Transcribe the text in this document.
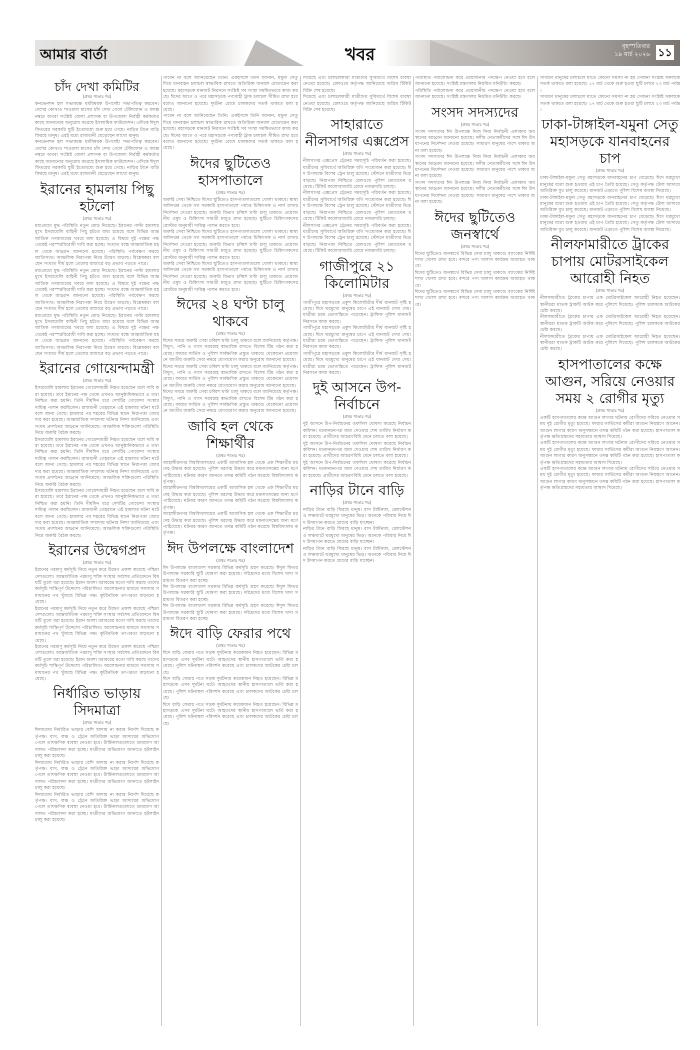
আমার বার্তা	খবর	বৃহস্পতিবার
১৯ মার্চ ২০২৬ ১১
চাঁদ দেখা কমিটির
(প্রথম পাতার পর)
কনভেনশন হল সভাকক্ষে ধর্মবিষয়ক উপদেষ্টা সভাপতিত্ব করবেন। দেশের কোথাও শাওয়াল মাসের চাঁদ দেখা গেলে টেলিফোন ও ফ্যাক্স নম্বরে অথবা সংশ্লিষ্ট জেলা প্রশাসক বা উপজেলা নির্বাহী কর্মকর্তার কাছে জানানোর অনুরোধ করেছে ইসলামিক ফাউন্ডেশন। এদিকে ঈদুল ফিতরের সরকারি ছুটি ইতোমধ্যে শুরু হয়ে গেছে। নাড়ির টানে বাড়ি ফিরছে মানুষ। এরই মধ্যে রাজধানী ছেড়েছেন লাখো মানুষ।
কনভেনশন হল সভাকক্ষে ধর্মবিষয়ক উপদেষ্টা সভাপতিত্ব করবেন। দেশের কোথাও শাওয়াল মাসের চাঁদ দেখা গেলে টেলিফোন ও ফ্যাক্স নম্বরে অথবা সংশ্লিষ্ট জেলা প্রশাসক বা উপজেলা নির্বাহী কর্মকর্তার কাছে জানানোর অনুরোধ করেছে ইসলামিক ফাউন্ডেশন। এদিকে ঈদুল ফিতরের সরকারি ছুটি ইতোমধ্যে শুরু হয়ে গেছে। নাড়ির টানে বাড়ি ফিরছে মানুষ। এরই মধ্যে রাজধানী ছেড়েছেন লাখো মানুষ।
ইরানের হামলায় পিছু হটলো
(প্রথম পাতার পর)
মধ্যপ্রাচ্যে যুদ্ধ পরিস্থিতি নতুন মোড় নিয়েছে। ইরানের পাল্টা হামলার মুখে ইসরায়েলি বাহিনী পিছু হটতে বাধ্য হয়েছে বলে বিভিন্ন আন্তর্জাতিক গণমাধ্যমের খবরে বলা হয়েছে। এ বিষয়ে দুই পক্ষের পক্ষ থেকেই পরস্পরবিরোধী দাবি করা হচ্ছে। সংঘাত বন্ধে আন্তর্জাতিক মহল থেকে আহ্বান জানানো হয়েছে। পরিস্থিতি পর্যবেক্ষণ করছে জাতিসংঘ। আঞ্চলিক নিরাপত্তা নিয়ে উদ্বেগ বাড়ছে। বিশ্লেষকরা বলছেন সংঘাত দীর্ঘ হলে তেলের বাজারে বড় প্রভাব পড়তে পারে।
মধ্যপ্রাচ্যে যুদ্ধ পরিস্থিতি নতুন মোড় নিয়েছে। ইরানের পাল্টা হামলার মুখে ইসরায়েলি বাহিনী পিছু হটতে বাধ্য হয়েছে বলে বিভিন্ন আন্তর্জাতিক গণমাধ্যমের খবরে বলা হয়েছে। এ বিষয়ে দুই পক্ষের পক্ষ থেকেই পরস্পরবিরোধী দাবি করা হচ্ছে। সংঘাত বন্ধে আন্তর্জাতিক মহল থেকে আহ্বান জানানো হয়েছে। পরিস্থিতি পর্যবেক্ষণ করছে জাতিসংঘ। আঞ্চলিক নিরাপত্তা নিয়ে উদ্বেগ বাড়ছে। বিশ্লেষকরা বলছেন সংঘাত দীর্ঘ হলে তেলের বাজারে বড় প্রভাব পড়তে পারে।
মধ্যপ্রাচ্যে যুদ্ধ পরিস্থিতি নতুন মোড় নিয়েছে। ইরানের পাল্টা হামলার মুখে ইসরায়েলি বাহিনী পিছু হটতে বাধ্য হয়েছে বলে বিভিন্ন আন্তর্জাতিক গণমাধ্যমের খবরে বলা হয়েছে। এ বিষয়ে দুই পক্ষের পক্ষ থেকেই পরস্পরবিরোধী দাবি করা হচ্ছে। সংঘাত বন্ধে আন্তর্জাতিক মহল থেকে আহ্বান জানানো হয়েছে। পরিস্থিতি পর্যবেক্ষণ করছে জাতিসংঘ। আঞ্চলিক নিরাপত্তা নিয়ে উদ্বেগ বাড়ছে। বিশ্লেষকরা বলছেন সংঘাত দীর্ঘ হলে তেলের বাজারে বড় প্রভাব পড়তে পারে।
ইরানের গোয়েন্দামন্ত্রী
(প্রথম পাতার পর)
ইসরায়েলি হামলায় ইরানের গোয়েন্দামন্ত্রী নিহত হয়েছেন বলে দাবি করা হয়েছে। তবে ইরানের পক্ষ থেকে এখনও আনুষ্ঠানিকভাবে এ তথ্য নিশ্চিত করা হয়নি। তিনি দীর্ঘদিন ধরে দেশটির গোয়েন্দা সংস্থার দায়িত্ব পালন করছিলেন। রাজধানী তেহরানে এই হামলার ঘটনা ঘটে বলে জানা গেছে। হামলার পর শহরের বিভিন্ন স্থানে নিরাপত্তা জোরদার করা হয়েছে। আন্তর্জাতিক সম্প্রদায় ঘটনার নিন্দা জানিয়েছে এবং সংযম প্রদর্শনের আহ্বান জানিয়েছে। আঞ্চলিক শক্তিগুলো পরিস্থিতি নিয়ে জরুরি বৈঠক করছে।
ইসরায়েলি হামলায় ইরানের গোয়েন্দামন্ত্রী নিহত হয়েছেন বলে দাবি করা হয়েছে। তবে ইরানের পক্ষ থেকে এখনও আনুষ্ঠানিকভাবে এ তথ্য নিশ্চিত করা হয়নি। তিনি দীর্ঘদিন ধরে দেশটির গোয়েন্দা সংস্থার দায়িত্ব পালন করছিলেন। রাজধানী তেহরানে এই হামলার ঘটনা ঘটে বলে জানা গেছে। হামলার পর শহরের বিভিন্ন স্থানে নিরাপত্তা জোরদার করা হয়েছে। আন্তর্জাতিক সম্প্রদায় ঘটনার নিন্দা জানিয়েছে এবং সংযম প্রদর্শনের আহ্বান জানিয়েছে। আঞ্চলিক শক্তিগুলো পরিস্থিতি নিয়ে জরুরি বৈঠক করছে।
ইসরায়েলি হামলায় ইরানের গোয়েন্দামন্ত্রী নিহত হয়েছেন বলে দাবি করা হয়েছে। তবে ইরানের পক্ষ থেকে এখনও আনুষ্ঠানিকভাবে এ তথ্য নিশ্চিত করা হয়নি। তিনি দীর্ঘদিন ধরে দেশটির গোয়েন্দা সংস্থার দায়িত্ব পালন করছিলেন। রাজধানী তেহরানে এই হামলার ঘটনা ঘটে বলে জানা গেছে। হামলার পর শহরের বিভিন্ন স্থানে নিরাপত্তা জোরদার করা হয়েছে। আন্তর্জাতিক সম্প্রদায় ঘটনার নিন্দা জানিয়েছে এবং সংযম প্রদর্শনের আহ্বান জানিয়েছে। আঞ্চলিক শক্তিগুলো পরিস্থিতি নিয়ে জরুরি বৈঠক করছে।
ইরানের উদ্বেগপ্রদ
(প্রথম পাতার পর)
ইরানের পরমাণু কর্মসূচি নিয়ে নতুন করে উদ্বেগ প্রকাশ করেছে পশ্চিমা দেশগুলো। আন্তর্জাতিক পরমাণু শক্তি সংস্থার সর্বশেষ প্রতিবেদনে বিষয়টি তুলে ধরা হয়েছে। ইরান অবশ্য বরাবরের মতো দাবি করছে তাদের কর্মসূচি শান্তিপূর্ণ উদ্দেশ্যে পরিচালিত। আলোচনার মাধ্যমে সমস্যার সমাধানের পথ খুঁজছে বিভিন্ন পক্ষ। কূটনৈতিক তৎপরতা বাড়ানো হয়েছে।
ইরানের পরমাণু কর্মসূচি নিয়ে নতুন করে উদ্বেগ প্রকাশ করেছে পশ্চিমা দেশগুলো। আন্তর্জাতিক পরমাণু শক্তি সংস্থার সর্বশেষ প্রতিবেদনে বিষয়টি তুলে ধরা হয়েছে। ইরান অবশ্য বরাবরের মতো দাবি করছে তাদের কর্মসূচি শান্তিপূর্ণ উদ্দেশ্যে পরিচালিত। আলোচনার মাধ্যমে সমস্যার সমাধানের পথ খুঁজছে বিভিন্ন পক্ষ। কূটনৈতিক তৎপরতা বাড়ানো হয়েছে।
ইরানের পরমাণু কর্মসূচি নিয়ে নতুন করে উদ্বেগ প্রকাশ করেছে পশ্চিমা দেশগুলো। আন্তর্জাতিক পরমাণু শক্তি সংস্থার সর্বশেষ প্রতিবেদনে বিষয়টি তুলে ধরা হয়েছে। ইরান অবশ্য বরাবরের মতো দাবি করছে তাদের কর্মসূচি শান্তিপূর্ণ উদ্দেশ্যে পরিচালিত। আলোচনার মাধ্যমে সমস্যার সমাধানের পথ খুঁজছে বিভিন্ন পক্ষ। কূটনৈতিক তৎপরতা বাড়ানো হয়েছে।
নির্ধারিত ভাড়ায় সিদমাত্রা
(প্রথম পাতার পর)
ঈদযাত্রায় নির্ধারিত ভাড়ার বেশি আদায় না করার নির্দেশ দিয়েছে কর্তৃপক্ষ। বাস, লঞ্চ ও ট্রেনে অতিরিক্ত ভাড়া আদায়ের অভিযোগ পেলে তাৎক্ষণিক ব্যবস্থা নেওয়া হবে। টার্মিনালগুলোতে ভ্রাম্যমাণ আদালত পরিচালনা করা হচ্ছে। যাত্রীদের অভিযোগ জানাতে হটলাইন চালু করা হয়েছে।
ঈদযাত্রায় নির্ধারিত ভাড়ার বেশি আদায় না করার নির্দেশ দিয়েছে কর্তৃপক্ষ। বাস, লঞ্চ ও ট্রেনে অতিরিক্ত ভাড়া আদায়ের অভিযোগ পেলে তাৎক্ষণিক ব্যবস্থা নেওয়া হবে। টার্মিনালগুলোতে ভ্রাম্যমাণ আদালত পরিচালনা করা হচ্ছে। যাত্রীদের অভিযোগ জানাতে হটলাইন চালু করা হয়েছে।
ঈদযাত্রায় নির্ধারিত ভাড়ার বেশি আদায় না করার নির্দেশ দিয়েছে কর্তৃপক্ষ। বাস, লঞ্চ ও ট্রেনে অতিরিক্ত ভাড়া আদায়ের অভিযোগ পেলে তাৎক্ষণিক ব্যবস্থা নেওয়া হবে। টার্মিনালগুলোতে ভ্রাম্যমাণ আদালত পরিচালনা করা হচ্ছে। যাত্রীদের অভিযোগ জানাতে হটলাইন চালু করা হয়েছে।
পাবেন না বলে জানিয়েছেন তিনি। একইসঙ্গে তিনি জানান, যমুনা সেতু দিয়ে যানবাহন চলাচল স্বাভাবিক রাখতে অতিরিক্ত জনবল মোতায়েন করা হয়েছে। মহাসড়কে যানজট নিরসনে সংশ্লিষ্ট সব সংস্থা সমন্বিতভাবে কাজ করছে। ঈদের আগে ও পরে মহাসড়কে পণ্যবাহী ট্রাক চলাচল সীমিত রাখা হবে বলেও জানানো হয়েছে। দুর্ঘটনা রোধে চালকদের সতর্ক থাকতে বলা হয়েছে।
পাবেন না বলে জানিয়েছেন তিনি। একইসঙ্গে তিনি জানান, যমুনা সেতু দিয়ে যানবাহন চলাচল স্বাভাবিক রাখতে অতিরিক্ত জনবল মোতায়েন করা হয়েছে। মহাসড়কে যানজট নিরসনে সংশ্লিষ্ট সব সংস্থা সমন্বিতভাবে কাজ করছে। ঈদের আগে ও পরে মহাসড়কে পণ্যবাহী ট্রাক চলাচল সীমিত রাখা হবে বলেও জানানো হয়েছে। দুর্ঘটনা রোধে চালকদের সতর্ক থাকতে বলা হয়েছে।
ঈদের ছুটিতেও হাসপাতালে
(প্রথম পাতার পর)
জরুরি সেবা নিশ্চিতে ঈদের ছুটিতেও হাসপাতালগুলো খোলা থাকবে। স্বাস্থ্য অধিদপ্তর থেকে সব সরকারি হাসপাতালে পর্যাপ্ত চিকিৎসক ও নার্স রাখার নির্দেশনা দেওয়া হয়েছে। জরুরি বিভাগ চব্বিশ ঘণ্টা চালু থাকবে। প্রয়োজনীয় ওষুধ ও চিকিৎসা সামগ্রী মজুত রাখা হয়েছে। ছুটিতে চিকিৎসকদের রোস্টার অনুযায়ী দায়িত্ব পালন করতে হবে।
জরুরি সেবা নিশ্চিতে ঈদের ছুটিতেও হাসপাতালগুলো খোলা থাকবে। স্বাস্থ্য অধিদপ্তর থেকে সব সরকারি হাসপাতালে পর্যাপ্ত চিকিৎসক ও নার্স রাখার নির্দেশনা দেওয়া হয়েছে। জরুরি বিভাগ চব্বিশ ঘণ্টা চালু থাকবে। প্রয়োজনীয় ওষুধ ও চিকিৎসা সামগ্রী মজুত রাখা হয়েছে। ছুটিতে চিকিৎসকদের রোস্টার অনুযায়ী দায়িত্ব পালন করতে হবে।
জরুরি সেবা নিশ্চিতে ঈদের ছুটিতেও হাসপাতালগুলো খোলা থাকবে। স্বাস্থ্য অধিদপ্তর থেকে সব সরকারি হাসপাতালে পর্যাপ্ত চিকিৎসক ও নার্স রাখার নির্দেশনা দেওয়া হয়েছে। জরুরি বিভাগ চব্বিশ ঘণ্টা চালু থাকবে। প্রয়োজনীয় ওষুধ ও চিকিৎসা সামগ্রী মজুত রাখা হয়েছে। ছুটিতে চিকিৎসকদের রোস্টার অনুযায়ী দায়িত্ব পালন করতে হবে।
ঈদের ২৪ ঘণ্টা চালু থাকবে
(প্রথম পাতার পর)
ঈদের সময়ে জরুরি সেবা চব্বিশ ঘণ্টা চালু থাকবে বলে জানিয়েছে কর্তৃপক্ষ। বিদ্যুৎ, পানি ও গ্যাস সরবরাহ স্বাভাবিক রাখতে বিশেষ টিম গঠন করা হয়েছে। ফায়ার সার্ভিস ও পুলিশ সার্বক্ষণিক প্রস্তুত থাকবে। যেকোনো প্রয়োজনে জাতীয় জরুরি সেবা নম্বরে যোগাযোগ করার অনুরোধ জানানো হয়েছে।
ঈদের সময়ে জরুরি সেবা চব্বিশ ঘণ্টা চালু থাকবে বলে জানিয়েছে কর্তৃপক্ষ। বিদ্যুৎ, পানি ও গ্যাস সরবরাহ স্বাভাবিক রাখতে বিশেষ টিম গঠন করা হয়েছে। ফায়ার সার্ভিস ও পুলিশ সার্বক্ষণিক প্রস্তুত থাকবে। যেকোনো প্রয়োজনে জাতীয় জরুরি সেবা নম্বরে যোগাযোগ করার অনুরোধ জানানো হয়েছে।
ঈদের সময়ে জরুরি সেবা চব্বিশ ঘণ্টা চালু থাকবে বলে জানিয়েছে কর্তৃপক্ষ। বিদ্যুৎ, পানি ও গ্যাস সরবরাহ স্বাভাবিক রাখতে বিশেষ টিম গঠন করা হয়েছে। ফায়ার সার্ভিস ও পুলিশ সার্বক্ষণিক প্রস্তুত থাকবে। যেকোনো প্রয়োজনে জাতীয় জরুরি সেবা নম্বরে যোগাযোগ করার অনুরোধ জানানো হয়েছে।
জাবি হল থেকে শিক্ষার্থীর
(প্রথম পাতার পর)
জাহাঙ্গীরনগর বিশ্ববিদ্যালয়ের একটি আবাসিক হল থেকে এক শিক্ষার্থীর মরদেহ উদ্ধার করা হয়েছে। পুলিশ মরদেহ উদ্ধার করে ময়নাতদন্তের জন্য মর্গে পাঠিয়েছে। ঘটনার কারণ জানতে তদন্ত কমিটি গঠন করেছে বিশ্ববিদ্যালয় কর্তৃপক্ষ।
জাহাঙ্গীরনগর বিশ্ববিদ্যালয়ের একটি আবাসিক হল থেকে এক শিক্ষার্থীর মরদেহ উদ্ধার করা হয়েছে। পুলিশ মরদেহ উদ্ধার করে ময়নাতদন্তের জন্য মর্গে পাঠিয়েছে। ঘটনার কারণ জানতে তদন্ত কমিটি গঠন করেছে বিশ্ববিদ্যালয় কর্তৃপক্ষ।
জাহাঙ্গীরনগর বিশ্ববিদ্যালয়ের একটি আবাসিক হল থেকে এক শিক্ষার্থীর মরদেহ উদ্ধার করা হয়েছে। পুলিশ মরদেহ উদ্ধার করে ময়নাতদন্তের জন্য মর্গে পাঠিয়েছে। ঘটনার কারণ জানতে তদন্ত কমিটি গঠন করেছে বিশ্ববিদ্যালয় কর্তৃপক্ষ।
ঈদ উপলক্ষে বাংলাদেশ
(প্রথম পাতার পর)
ঈদ উপলক্ষে বাংলাদেশ সরকার বিভিন্ন কর্মসূচি গ্রহণ করেছে। ঈদুল ফিতর উপলক্ষে সরকারি ছুটি ঘোষণা করা হয়েছে। দরিদ্রদের মধ্যে বিশেষ খাদ্য সহায়তা বিতরণ করা হচ্ছে।
ঈদ উপলক্ষে বাংলাদেশ সরকার বিভিন্ন কর্মসূচি গ্রহণ করেছে। ঈদুল ফিতর উপলক্ষে সরকারি ছুটি ঘোষণা করা হয়েছে। দরিদ্রদের মধ্যে বিশেষ খাদ্য সহায়তা বিতরণ করা হচ্ছে।
ঈদ উপলক্ষে বাংলাদেশ সরকার বিভিন্ন কর্মসূচি গ্রহণ করেছে। ঈদুল ফিতর উপলক্ষে সরকারি ছুটি ঘোষণা করা হয়েছে। দরিদ্রদের মধ্যে বিশেষ খাদ্য সহায়তা বিতরণ করা হচ্ছে।
ঈদে বাড়ি ফেরার পথে
(প্রথম পাতার পর)
ঈদে বাড়ি ফেরার পথে সড়ক দুর্ঘটনায় কয়েকজন নিহত হয়েছেন। বিভিন্ন মহাসড়কে এসব দুর্ঘটনা ঘটে। আহতদের স্থানীয় হাসপাতালে ভর্তি করা হয়েছে। পুলিশ ঘটনাস্থল পরিদর্শন করেছে এবং চালকদের আটকের চেষ্টা চলছে।
ঈদে বাড়ি ফেরার পথে সড়ক দুর্ঘটনায় কয়েকজন নিহত হয়েছেন। বিভিন্ন মহাসড়কে এসব দুর্ঘটনা ঘটে। আহতদের স্থানীয় হাসপাতালে ভর্তি করা হয়েছে। পুলিশ ঘটনাস্থল পরিদর্শন করেছে এবং চালকদের আটকের চেষ্টা চলছে।
ঈদে বাড়ি ফেরার পথে সড়ক দুর্ঘটনায় কয়েকজন নিহত হয়েছেন। বিভিন্ন মহাসড়কে এসব দুর্ঘটনা ঘটে। আহতদের স্থানীয় হাসপাতালে ভর্তি করা হয়েছে। পুলিশ ঘটনাস্থল পরিদর্শন করেছে এবং চালকদের আটকের চেষ্টা চলছে।
দিয়েছে এবং চলাচলকারী যাত্রীদের সুবিধার্থে বিশেষ ব্যবস্থা নেওয়া হয়েছে। রেলওয়ে কর্তৃপক্ষ জানিয়েছে অগ্রিম টিকিট বিক্রি শেষ হয়েছে।
দিয়েছে এবং চলাচলকারী যাত্রীদের সুবিধার্থে বিশেষ ব্যবস্থা নেওয়া হয়েছে। রেলওয়ে কর্তৃপক্ষ জানিয়েছে অগ্রিম টিকিট বিক্রি শেষ হয়েছে।
সাহারাতে নীলসাগর এক্সপ্রেস
(প্রথম পাতার পর)
নীলসাগর এক্সপ্রেস ট্রেনের সময়সূচি পরিবর্তন করা হয়েছে। যাত্রীদের সুবিধার্থে অতিরিক্ত বগি সংযোজন করা হয়েছে। ঈদ উপলক্ষে বিশেষ ট্রেন চালু রয়েছে। স্টেশনে যাত্রীদের ভিড় বাড়ছে। নিরাপত্তা নিশ্চিতে রেলওয়ে পুলিশ মোতায়েন রয়েছে। টিকিট কালোবাজারি রোধে নজরদারি চলছে।
নীলসাগর এক্সপ্রেস ট্রেনের সময়সূচি পরিবর্তন করা হয়েছে। যাত্রীদের সুবিধার্থে অতিরিক্ত বগি সংযোজন করা হয়েছে। ঈদ উপলক্ষে বিশেষ ট্রেন চালু রয়েছে। স্টেশনে যাত্রীদের ভিড় বাড়ছে। নিরাপত্তা নিশ্চিতে রেলওয়ে পুলিশ মোতায়েন রয়েছে। টিকিট কালোবাজারি রোধে নজরদারি চলছে।
নীলসাগর এক্সপ্রেস ট্রেনের সময়সূচি পরিবর্তন করা হয়েছে। যাত্রীদের সুবিধার্থে অতিরিক্ত বগি সংযোজন করা হয়েছে। ঈদ উপলক্ষে বিশেষ ট্রেন চালু রয়েছে। স্টেশনে যাত্রীদের ভিড় বাড়ছে। নিরাপত্তা নিশ্চিতে রেলওয়ে পুলিশ মোতায়েন রয়েছে। টিকিট কালোবাজারি রোধে নজরদারি চলছে।
গাজীপুরে ২১ কিলোমিটার
(প্রথম পাতার পর)
গাজীপুরে মহাসড়কে একুশ কিলোমিটার দীর্ঘ যানজট সৃষ্টি হয়েছে। ঈদে ঘরমুখো মানুষের চাপে এই যানজট দেখা দেয়। যাত্রীরা চরম ভোগান্তিতে পড়েছেন। ট্রাফিক পুলিশ যানজট নিরসনে কাজ করছে।
গাজীপুরে মহাসড়কে একুশ কিলোমিটার দীর্ঘ যানজট সৃষ্টি হয়েছে। ঈদে ঘরমুখো মানুষের চাপে এই যানজট দেখা দেয়। যাত্রীরা চরম ভোগান্তিতে পড়েছেন। ট্রাফিক পুলিশ যানজট নিরসনে কাজ করছে।
গাজীপুরে মহাসড়কে একুশ কিলোমিটার দীর্ঘ যানজট সৃষ্টি হয়েছে। ঈদে ঘরমুখো মানুষের চাপে এই যানজট দেখা দেয়। যাত্রীরা চরম ভোগান্তিতে পড়েছেন। ট্রাফিক পুলিশ যানজট নিরসনে কাজ করছে।
দুই আসনে উপ-নির্বাচনে
(প্রথম পাতার পর)
দুই আসনে উপ-নির্বাচনের তফসিল ঘোষণা করেছে নির্বাচন কমিশন। মনোনয়নপত্র জমা দেওয়ার শেষ তারিখ নির্ধারণ করা হয়েছে। প্রার্থীদের আচরণবিধি মেনে চলতে বলা হয়েছে।
দুই আসনে উপ-নির্বাচনের তফসিল ঘোষণা করেছে নির্বাচন কমিশন। মনোনয়নপত্র জমা দেওয়ার শেষ তারিখ নির্ধারণ করা হয়েছে। প্রার্থীদের আচরণবিধি মেনে চলতে বলা হয়েছে।
দুই আসনে উপ-নির্বাচনের তফসিল ঘোষণা করেছে নির্বাচন কমিশন। মনোনয়নপত্র জমা দেওয়ার শেষ তারিখ নির্ধারণ করা হয়েছে। প্রার্থীদের আচরণবিধি মেনে চলতে বলা হয়েছে।
নাড়ির টানে বাড়ি
(প্রথম পাতার পর)
নাড়ির টানে বাড়ি ফিরছে মানুষ। বাস টার্মিনাল, রেলস্টেশন ও লঞ্চঘাটে ঘরমুখো মানুষের ভিড়। অনেকে পরিবার নিয়ে ঈদ উদযাপন করতে গ্রামের বাড়ি যাচ্ছেন।
নাড়ির টানে বাড়ি ফিরছে মানুষ। বাস টার্মিনাল, রেলস্টেশন ও লঞ্চঘাটে ঘরমুখো মানুষের ভিড়। অনেকে পরিবার নিয়ে ঈদ উদযাপন করতে গ্রামের বাড়ি যাচ্ছেন।
নাড়ির টানে বাড়ি ফিরছে মানুষ। বাস টার্মিনাল, রেলস্টেশন ও লঞ্চঘাটে ঘরমুখো মানুষের ভিড়। অনেকে পরিবার নিয়ে ঈদ উদযাপন করতে গ্রামের বাড়ি যাচ্ছেন।
পরিস্থিতি পর্যালোচনা করে প্রয়োজনীয় পদক্ষেপ নেওয়া হবে বলে জানানো হয়েছে। সংশ্লিষ্ট মন্ত্রণালয় নিয়মিত মনিটরিং করছে।
পরিস্থিতি পর্যালোচনা করে প্রয়োজনীয় পদক্ষেপ নেওয়া হবে বলে জানানো হয়েছে। সংশ্লিষ্ট মন্ত্রণালয় নিয়মিত মনিটরিং করছে।
সংসদ সদস্যদের
(প্রথম পাতার পর)
সংসদ সদস্যদের ঈদ উপলক্ষে নিজ নিজ নির্বাচনী এলাকায় অবস্থানের আহ্বান জানানো হয়েছে। দলীয় নেতাকর্মীদের সঙ্গে ঈদ উদযাপনের নির্দেশনা দেওয়া হয়েছে। সাধারণ মানুষের পাশে থাকার জন্য বলা হয়েছে।
সংসদ সদস্যদের ঈদ উপলক্ষে নিজ নিজ নির্বাচনী এলাকায় অবস্থানের আহ্বান জানানো হয়েছে। দলীয় নেতাকর্মীদের সঙ্গে ঈদ উদযাপনের নির্দেশনা দেওয়া হয়েছে। সাধারণ মানুষের পাশে থাকার জন্য বলা হয়েছে।
সংসদ সদস্যদের ঈদ উপলক্ষে নিজ নিজ নির্বাচনী এলাকায় অবস্থানের আহ্বান জানানো হয়েছে। দলীয় নেতাকর্মীদের সঙ্গে ঈদ উদযাপনের নির্দেশনা দেওয়া হয়েছে। সাধারণ মানুষের পাশে থাকার জন্য বলা হয়েছে।
ঈদের ছুটিতেও জনস্বার্থে
(প্রথম পাতার পর)
ঈদের ছুটিতেও জনস্বার্থে বিভিন্ন সেবা চালু থাকবে। ব্যাংকের নির্দিষ্ট শাখা খোলা রাখা হবে। বন্দরে পণ্য খালাস কার্যক্রম অব্যাহত থাকবে।
ঈদের ছুটিতেও জনস্বার্থে বিভিন্ন সেবা চালু থাকবে। ব্যাংকের নির্দিষ্ট শাখা খোলা রাখা হবে। বন্দরে পণ্য খালাস কার্যক্রম অব্যাহত থাকবে।
ঈদের ছুটিতেও জনস্বার্থে বিভিন্ন সেবা চালু থাকবে। ব্যাংকের নির্দিষ্ট শাখা খোলা রাখা হবে। বন্দরে পণ্য খালাস কার্যক্রম অব্যাহত থাকবে।
সাধারণ মানুষের চলাচলে যাতে কোনো সমস্যা না হয় সেজন্য সংশ্লিষ্ট সকলকে সতর্ক থাকতে বলা হয়েছে। ১৭ মার্চ থেকে শুরু হওয়া ছুটি চলবে ২৩ মার্চ পর্যন্ত।
সাধারণ মানুষের চলাচলে যাতে কোনো সমস্যা না হয় সেজন্য সংশ্লিষ্ট সকলকে সতর্ক থাকতে বলা হয়েছে। ১৭ মার্চ থেকে শুরু হওয়া ছুটি চলবে ২৩ মার্চ পর্যন্ত।
ঢাকা-টাঙ্গাইল-যমুনা সেতু মহাসড়কে যানবাহনের চাপ
(প্রথম পাতার পর)
ঢাকা-টাঙ্গাইল-যমুনা সেতু মহাসড়কে যানবাহনের চাপ বেড়েছে। ঈদে ঘরমুখো মানুষের যাত্রা শুরু হওয়ায় এই চাপ তৈরি হয়েছে। সেতু কর্তৃপক্ষ টোল আদায়ে অতিরিক্ত বুথ চালু করেছে। যানজট এড়াতে পুলিশ বিশেষ ব্যবস্থা নিয়েছে।
ঢাকা-টাঙ্গাইল-যমুনা সেতু মহাসড়কে যানবাহনের চাপ বেড়েছে। ঈদে ঘরমুখো মানুষের যাত্রা শুরু হওয়ায় এই চাপ তৈরি হয়েছে। সেতু কর্তৃপক্ষ টোল আদায়ে অতিরিক্ত বুথ চালু করেছে। যানজট এড়াতে পুলিশ বিশেষ ব্যবস্থা নিয়েছে।
ঢাকা-টাঙ্গাইল-যমুনা সেতু মহাসড়কে যানবাহনের চাপ বেড়েছে। ঈদে ঘরমুখো মানুষের যাত্রা শুরু হওয়ায় এই চাপ তৈরি হয়েছে। সেতু কর্তৃপক্ষ টোল আদায়ে অতিরিক্ত বুথ চালু করেছে। যানজট এড়াতে পুলিশ বিশেষ ব্যবস্থা নিয়েছে।
নীলফামারীতে ট্রাকের চাপায় মোটরসাইকেল আরোহী নিহত
(প্রথম পাতার পর)
নীলফামারীতে ট্রাকের চাপায় এক মোটরসাইকেল আরোহী নিহত হয়েছেন। স্থানীয়রা ঘাতক ট্রাকটি আটক করে পুলিশে দিয়েছে। পুলিশ চালককে আটকের চেষ্টা করছে।
নীলফামারীতে ট্রাকের চাপায় এক মোটরসাইকেল আরোহী নিহত হয়েছেন। স্থানীয়রা ঘাতক ট্রাকটি আটক করে পুলিশে দিয়েছে। পুলিশ চালককে আটকের চেষ্টা করছে।
নীলফামারীতে ট্রাকের চাপায় এক মোটরসাইকেল আরোহী নিহত হয়েছেন। স্থানীয়রা ঘাতক ট্রাকটি আটক করে পুলিশে দিয়েছে। পুলিশ চালককে আটকের চেষ্টা করছে।
হাসপাতালের কক্ষে আগুন, সরিয়ে নেওয়ার সময় ২ রোগীর মৃত্যু
(প্রথম পাতার পর)
একটি হাসপাতালের কক্ষে আগুন লাগার ঘটনায় রোগীদের সরিয়ে নেওয়ার সময় দুই রোগীর মৃত্যু হয়েছে। ফায়ার সার্ভিসের কর্মীরা আগুন নিয়ন্ত্রণে আনেন। আগুন লাগার কারণ অনুসন্ধানে তদন্ত কমিটি গঠন করা হয়েছে। হাসপাতাল কর্তৃপক্ষ ক্ষতিগ্রস্তদের সহায়তার আশ্বাস দিয়েছে।
একটি হাসপাতালের কক্ষে আগুন লাগার ঘটনায় রোগীদের সরিয়ে নেওয়ার সময় দুই রোগীর মৃত্যু হয়েছে। ফায়ার সার্ভিসের কর্মীরা আগুন নিয়ন্ত্রণে আনেন। আগুন লাগার কারণ অনুসন্ধানে তদন্ত কমিটি গঠন করা হয়েছে। হাসপাতাল কর্তৃপক্ষ ক্ষতিগ্রস্তদের সহায়তার আশ্বাস দিয়েছে।
একটি হাসপাতালের কক্ষে আগুন লাগার ঘটনায় রোগীদের সরিয়ে নেওয়ার সময় দুই রোগীর মৃত্যু হয়েছে। ফায়ার সার্ভিসের কর্মীরা আগুন নিয়ন্ত্রণে আনেন। আগুন লাগার কারণ অনুসন্ধানে তদন্ত কমিটি গঠন করা হয়েছে। হাসপাতাল কর্তৃপক্ষ ক্ষতিগ্রস্তদের সহায়তার আশ্বাস দিয়েছে।
